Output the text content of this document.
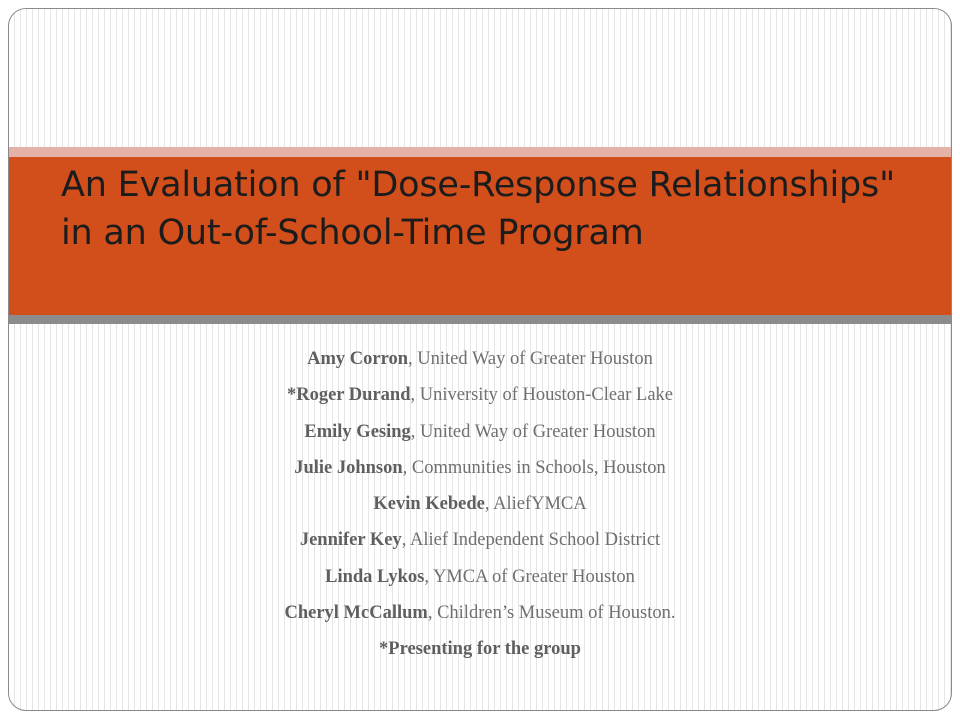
An Evaluation of "Dose-Response Relationships" in an Out-of-School-Time Program
Amy Corron, United Way of Greater Houston
*Roger Durand, University of Houston-Clear Lake
Emily Gesing, United Way of Greater Houston
Julie Johnson, Communities in Schools, Houston
Kevin Kebede, AliefYMCA
Jennifer Key, Alief Independent School District
Linda Lykos, YMCA of Greater Houston
Cheryl McCallum, Children’s Museum of Houston.
*Presenting for the group
